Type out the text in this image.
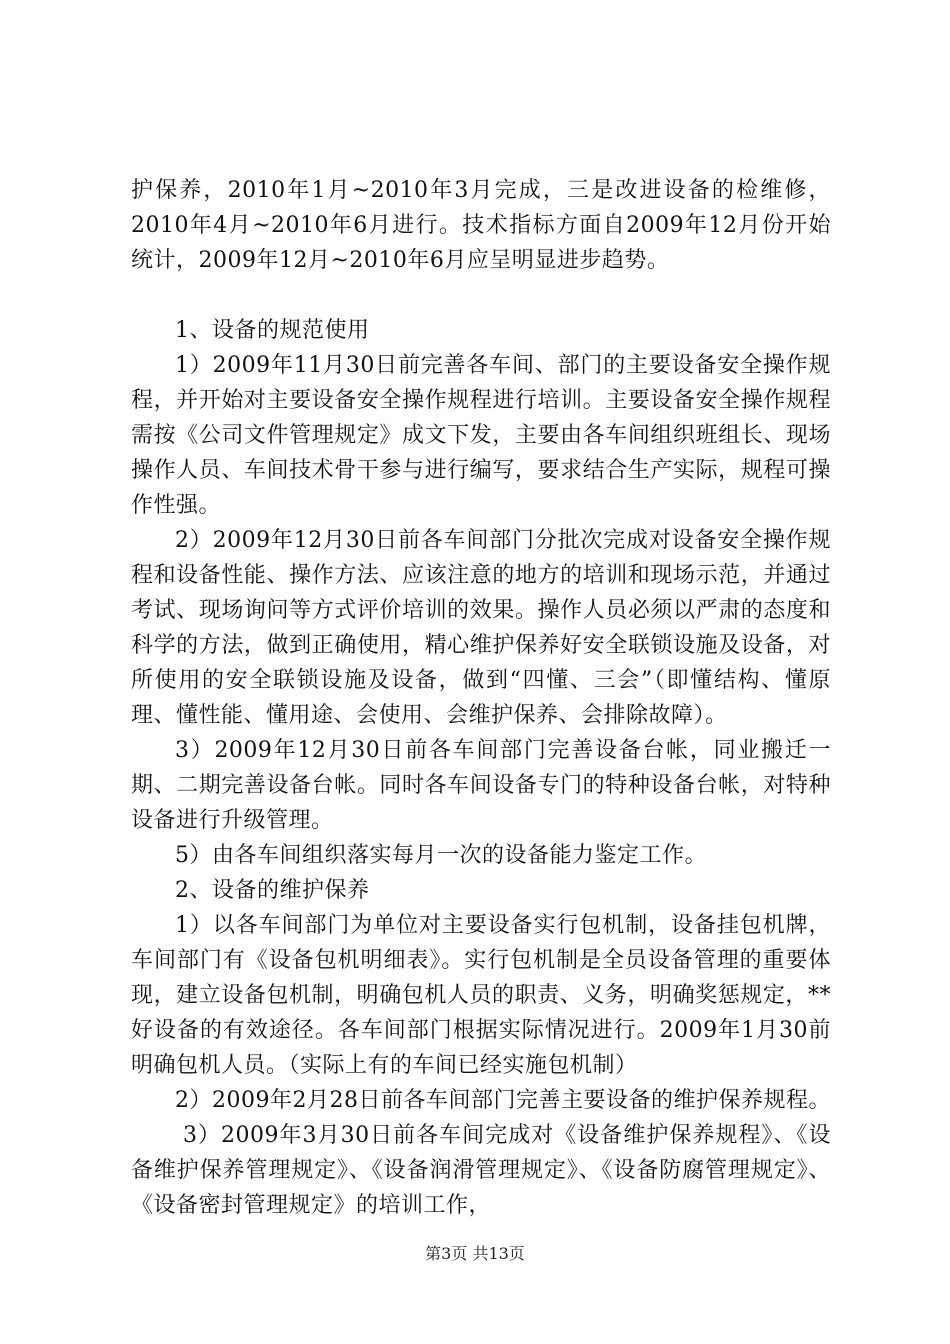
护保养，2010年1月~2010年3月完成，三是改进设备的检维修，2010年4月~2010年6月进行。技术指标方面自2009年12月份开始统计，2009年12月~2010年6月应呈明显进步趋势。

1、设备的规范使用

1）2009年11月30日前完善各车间、部门的主要设备安全操作规程，并开始对主要设备安全操作规程进行培训。主要设备安全操作规程需按《公司文件管理规定》成文下发，主要由各车间组织班组长、现场操作人员、车间技术骨干参与进行编写，要求结合生产实际，规程可操作性强。

2）2009年12月30日前各车间部门分批次完成对设备安全操作规程和设备性能、操作方法、应该注意的地方的培训和现场示范，并通过考试、现场询问等方式评价培训的效果。操作人员必须以严肃的态度和科学的方法，做到正确使用，精心维护保养好安全联锁设施及设备，对所使用的安全联锁设施及设备，做到“四懂、三会”（即懂结构、懂原理、懂性能、懂用途、会使用、会维护保养、会排除故障）。

3）2009年12月30日前各车间部门完善设备台帐，同业搬迁一期、二期完善设备台帐。同时各车间设备专门的特种设备台帐，对特种设备进行升级管理。

5）由各车间组织落实每月一次的设备能力鉴定工作。

2、设备的维护保养

1）以各车间部门为单位对主要设备实行包机制，设备挂包机牌，车间部门有《设备包机明细表》。实行包机制是全员设备管理的重要体现，建立设备包机制，明确包机人员的职责、义务，明确奖惩规定，**好设备的有效途径。各车间部门根据实际情况进行。2009年1月30前明确包机人员。（实际上有的车间已经实施包机制）

2）2009年2月28日前各车间部门完善主要设备的维护保养规程。

3）2009年3月30日前各车间完成对《设备维护保养规程》、《设备维护保养管理规定》、《设备润滑管理规定》、《设备防腐管理规定》、《设备密封管理规定》的培训工作，

第3页 共13页
